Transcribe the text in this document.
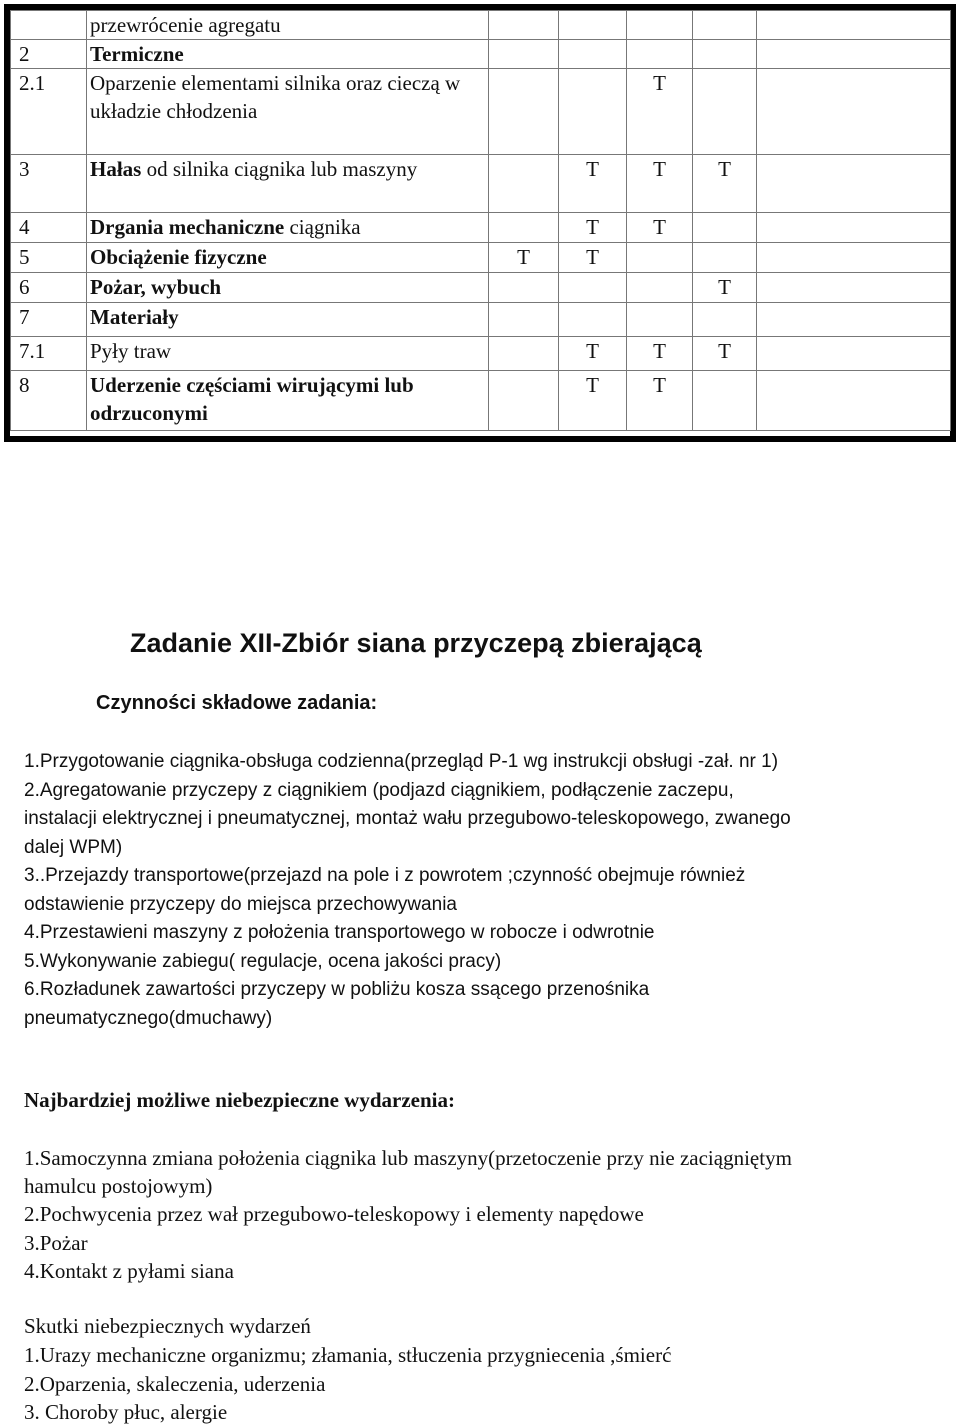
	przewrócenie agregatu					
2	Termiczne					
2.1	Oparzenie elementami silnika oraz cieczą w układzie chłodzenia			T		
3	Hałas od silnika ciągnika lub maszyny		T	T	T	
4	Drgania mechaniczne ciągnika		T	T		
5	Obciążenie fizyczne	T	T			
6	Pożar, wybuch				T	
7	Materiały					
7.1	Pyły traw		T	T	T	
8	Uderzenie częściami wirującymi lub odrzuconymi		T	T		
Zadanie XII-Zbiór siana przyczepą zbierającą
Czynności składowe zadania:
1.Przygotowanie ciągnika-obsługa codzienna(przegląd P-1 wg instrukcji obsługi -zał. nr 1)
2.Agregatowanie przyczepy z ciągnikiem (podjazd ciągnikiem, podłączenie zaczepu,
instalacji elektrycznej i pneumatycznej, montaż wału przegubowo-teleskopowego, zwanego
dalej WPM)
3..Przejazdy transportowe(przejazd na pole i z powrotem ;czynność obejmuje również
odstawienie przyczepy do miejsca przechowywania
4.Przestawieni maszyny z położenia transportowego w robocze i odwrotnie
5.Wykonywanie zabiegu( regulacje, ocena jakości pracy)
6.Rozładunek zawartości przyczepy w pobliżu kosza ssącego przenośnika
pneumatycznego(dmuchawy)
Najbardziej możliwe niebezpieczne wydarzenia:
1.Samoczynna zmiana położenia ciągnika lub maszyny(przetoczenie przy nie zaciągniętym
hamulcu postojowym)
2.Pochwycenia przez wał przegubowo-teleskopowy i elementy napędowe
3.Pożar
4.Kontakt z pyłami siana
Skutki niebezpiecznych wydarzeń
1.Urazy mechaniczne organizmu; złamania, stłuczenia przygniecenia ,śmierć
2.Oparzenia, skaleczenia, uderzenia
3. Choroby płuc, alergie
